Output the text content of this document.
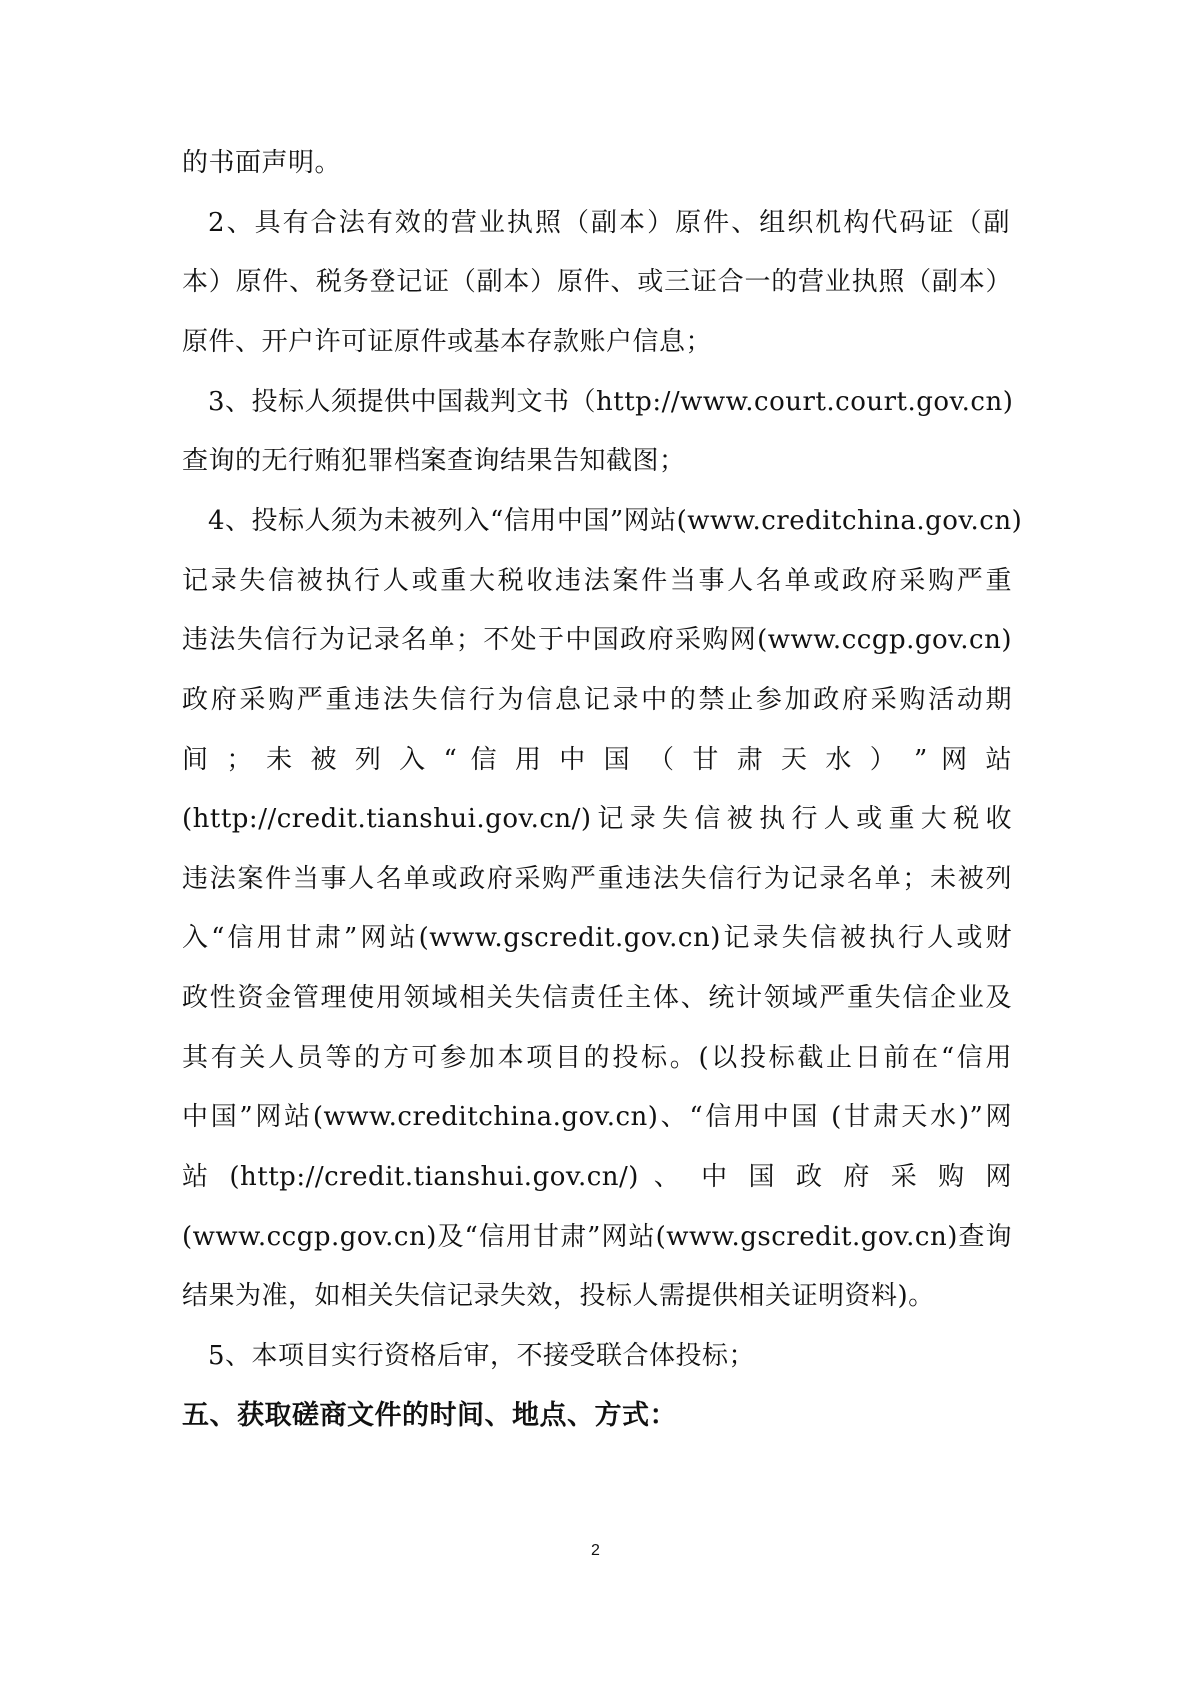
的书面声明。
2、具有合法有效的营业执照（副本）原件、组织机构代码证（副
本）原件、税务登记证（副本）原件、或三证合一的营业执照（副本）
原件、开户许可证原件或基本存款账户信息；
3、投标人须提供中国裁判文书（http://www.court.court.gov.cn)
查询的无行贿犯罪档案查询结果告知截图；
4、投标人须为未被列入“信用中国”网站(www.creditchina.gov.cn)
记录失信被执行人或重大税收违法案件当事人名单或政府采购严重
违法失信行为记录名单；不处于中国政府采购网(www.ccgp.gov.cn)
政府采购严重违法失信行为信息记录中的禁止参加政府采购活动期
间 ； 未 被 列 入 “ 信 用 中 国 （ 甘 肃 天 水 ） ” 网 站
(http://credit.tianshui.gov.cn/)记录失信被执行人或重大税收
违法案件当事人名单或政府采购严重违法失信行为记录名单；未被列
入“信用甘肃”网站(www.gscredit.gov.cn)记录失信被执行人或财
政性资金管理使用领域相关失信责任主体、统计领域严重失信企业及
其有关人员等的方可参加本项目的投标。(以投标截止日前在“信用
中国”网站(www.creditchina.gov.cn)、“信用中国 (甘肃天水)”网
站 (http://credit.tianshui.gov.cn/) 、 中 国 政 府 采 购 网
(www.ccgp.gov.cn)及“信用甘肃”网站(www.gscredit.gov.cn)查询
结果为准，如相关失信记录失效，投标人需提供相关证明资料)。
5、本项目实行资格后审，不接受联合体投标；
五、获取磋商文件的时间、地点、方式：
2
